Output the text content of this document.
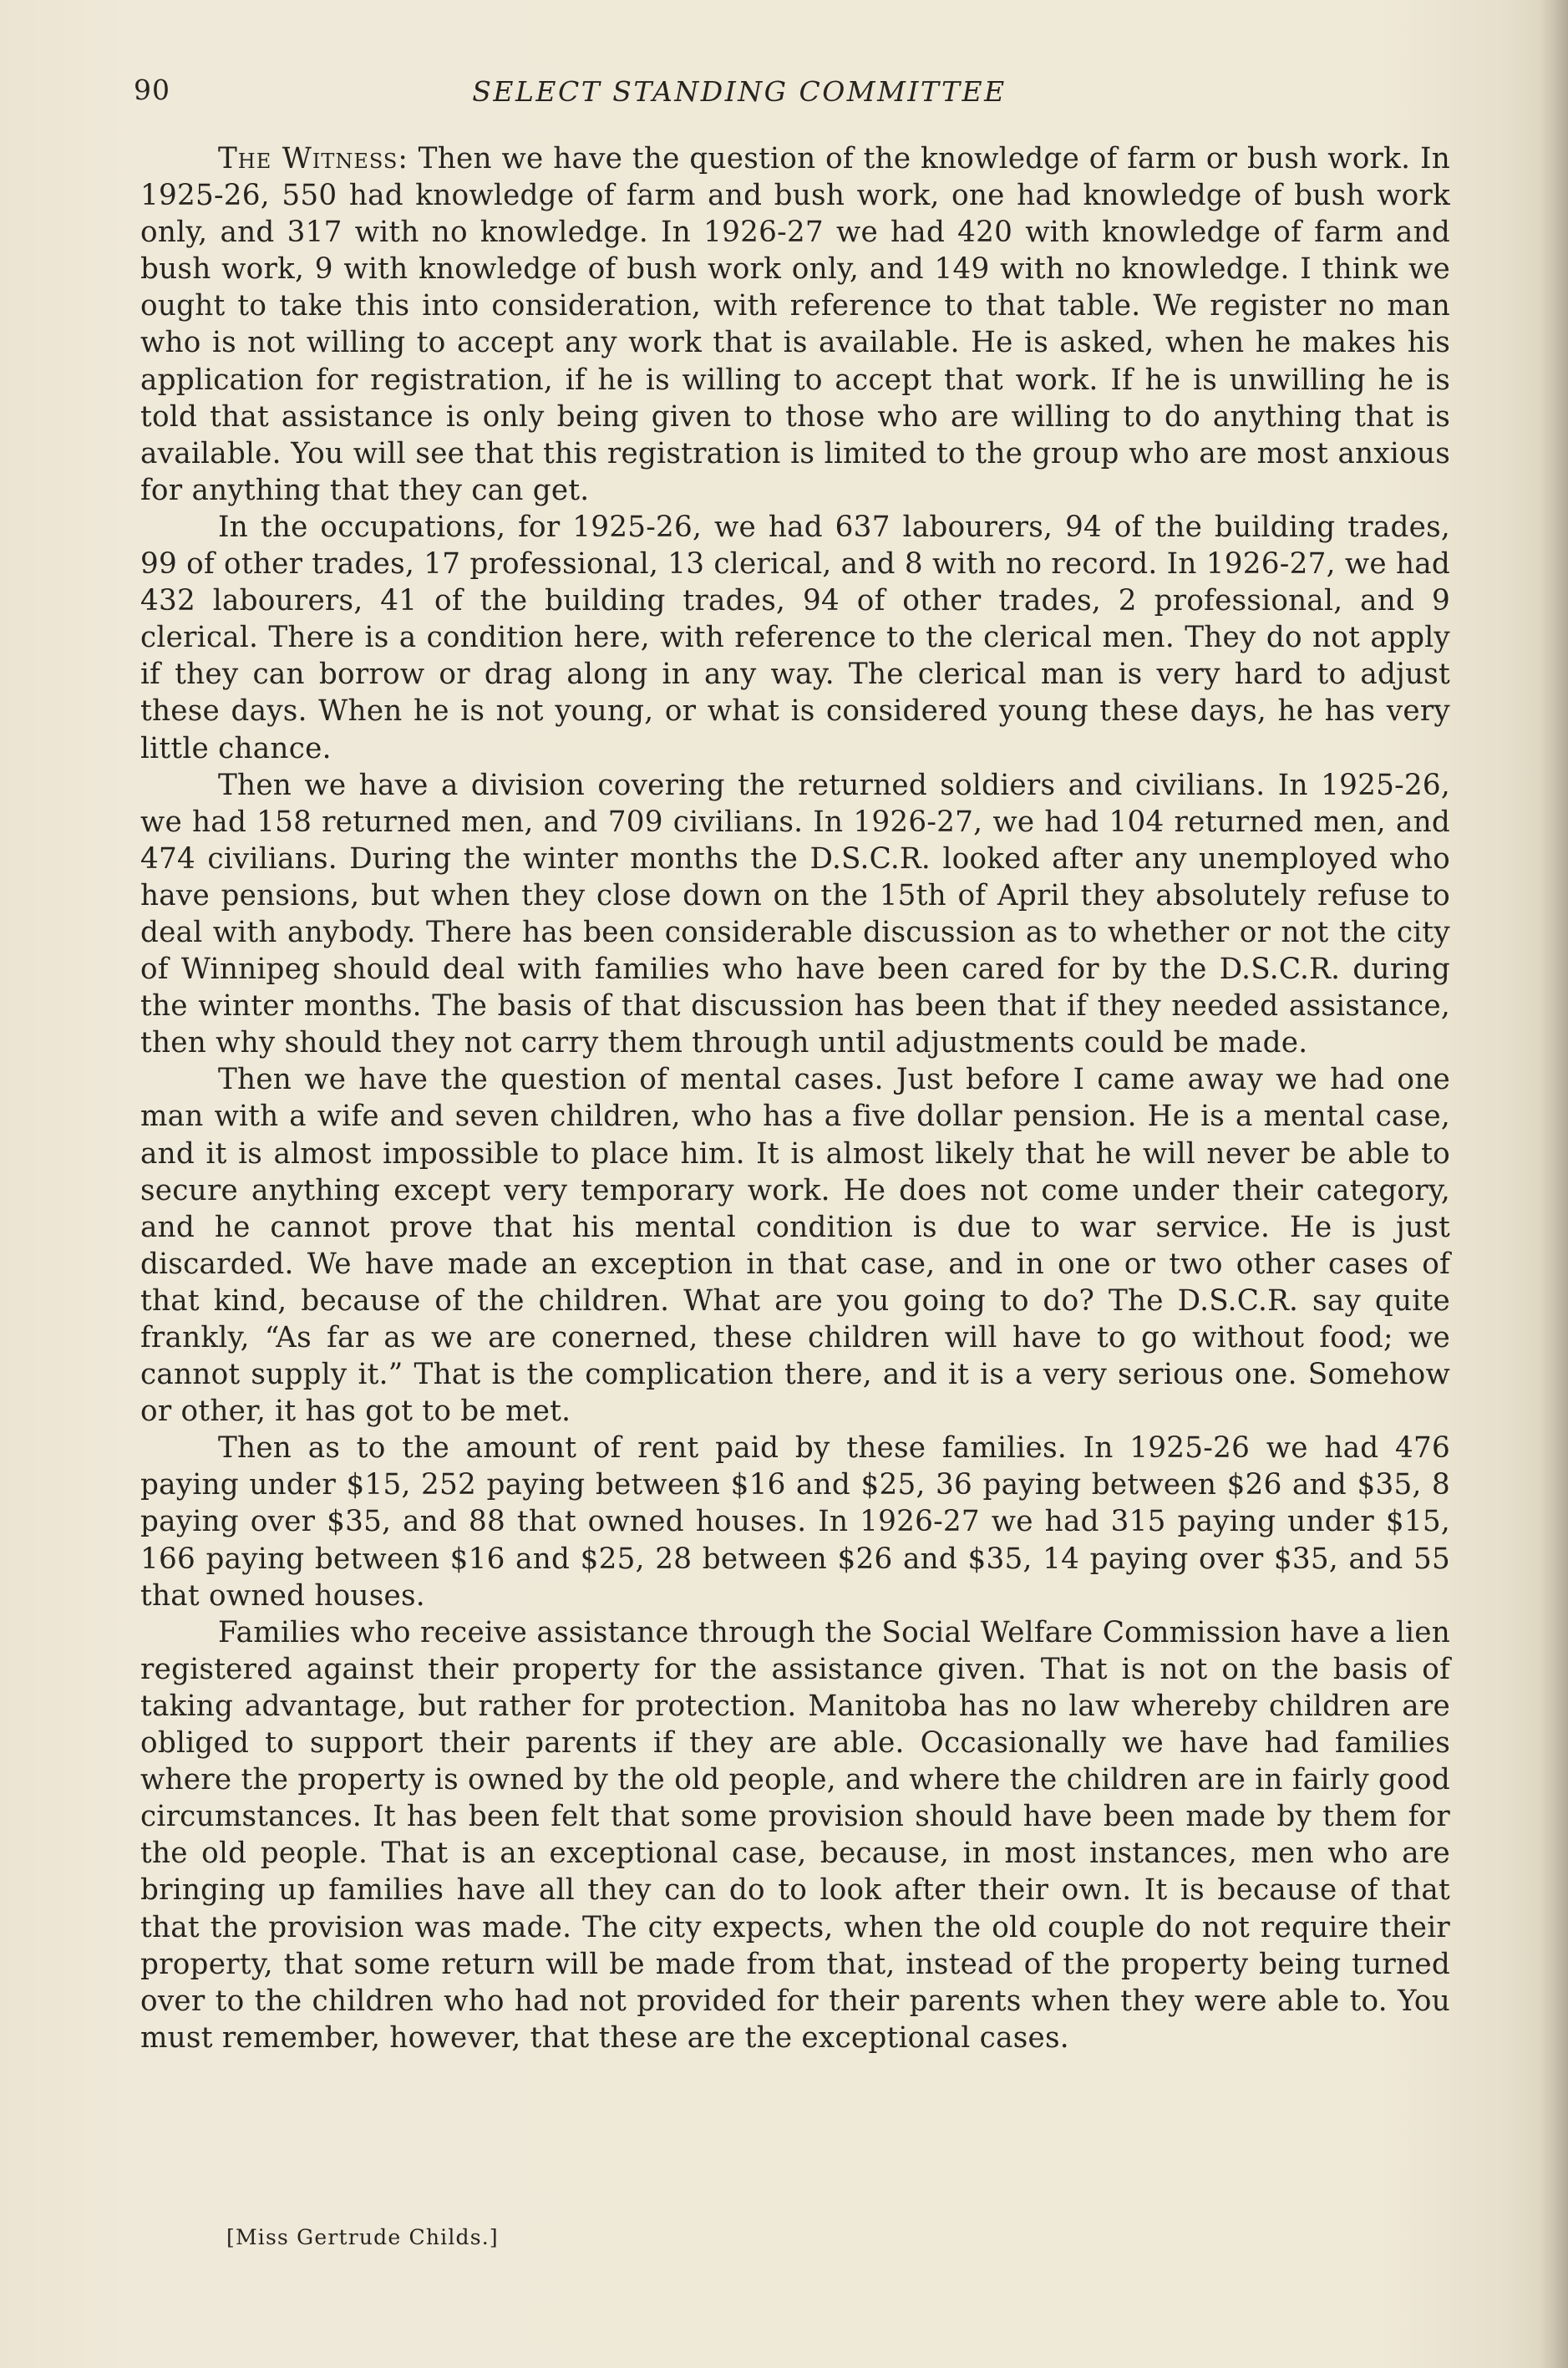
90	SELECT STANDING COMMITTEE

The Witness: Then we have the question of the knowledge of farm or bush work. In 1925-26, 550 had knowledge of farm and bush work, one had knowledge of bush work only, and 317 with no knowledge. In 1926-27 we had 420 with knowledge of farm and bush work, 9 with knowledge of bush work only, and 149 with no knowledge. I think we ought to take this into consideration, with reference to that table. We register no man who is not willing to accept any work that is available. He is asked, when he makes his application for registration, if he is willing to accept that work. If he is unwilling he is told that assistance is only being given to those who are willing to do anything that is available. You will see that this registration is limited to the group who are most anxious for anything that they can get.

In the occupations, for 1925-26, we had 637 labourers, 94 of the building trades, 99 of other trades, 17 professional, 13 clerical, and 8 with no record. In 1926-27, we had 432 labourers, 41 of the building trades, 94 of other trades, 2 professional, and 9 clerical. There is a condition here, with reference to the clerical men. They do not apply if they can borrow or drag along in any way. The clerical man is very hard to adjust these days. When he is not young, or what is considered young these days, he has very little chance.

Then we have a division covering the returned soldiers and civilians. In 1925-26, we had 158 returned men, and 709 civilians. In 1926-27, we had 104 returned men, and 474 civilians. During the winter months the D.S.C.R. looked after any unemployed who have pensions, but when they close down on the 15th of April they absolutely refuse to deal with anybody. There has been considerable discussion as to whether or not the city of Winnipeg should deal with families who have been cared for by the D.S.C.R. during the winter months. The basis of that discussion has been that if they needed assistance, then why should they not carry them through until adjustments could be made.

Then we have the question of mental cases. Just before I came away we had one man with a wife and seven children, who has a five dollar pension. He is a mental case, and it is almost impossible to place him. It is almost likely that he will never be able to secure anything except very temporary work. He does not come under their category, and he cannot prove that his mental condition is due to war service. He is just discarded. We have made an exception in that case, and in one or two other cases of that kind, because of the children. What are you going to do? The D.S.C.R. say quite frankly, “As far as we are conerned, these children will have to go without food; we cannot supply it.” That is the complication there, and it is a very serious one. Somehow or other, it has got to be met.

Then as to the amount of rent paid by these families. In 1925-26 we had 476 paying under $15, 252 paying between $16 and $25, 36 paying between $26 and $35, 8 paying over $35, and 88 that owned houses. In 1926-27 we had 315 paying under $15, 166 paying between $16 and $25, 28 between $26 and $35, 14 paying over $35, and 55 that owned houses.

Families who receive assistance through the Social Welfare Commission have a lien registered against their property for the assistance given. That is not on the basis of taking advantage, but rather for protection. Manitoba has no law whereby children are obliged to support their parents if they are able. Occasionally we have had families where the property is owned by the old people, and where the children are in fairly good circumstances. It has been felt that some provision should have been made by them for the old people. That is an exceptional case, because, in most instances, men who are bringing up families have all they can do to look after their own. It is because of that that the provision was made. The city expects, when the old couple do not require their property, that some return will be made from that, instead of the property being turned over to the children who had not provided for their parents when they were able to. You must remember, however, that these are the exceptional cases.

[Miss Gertrude Childs.]
